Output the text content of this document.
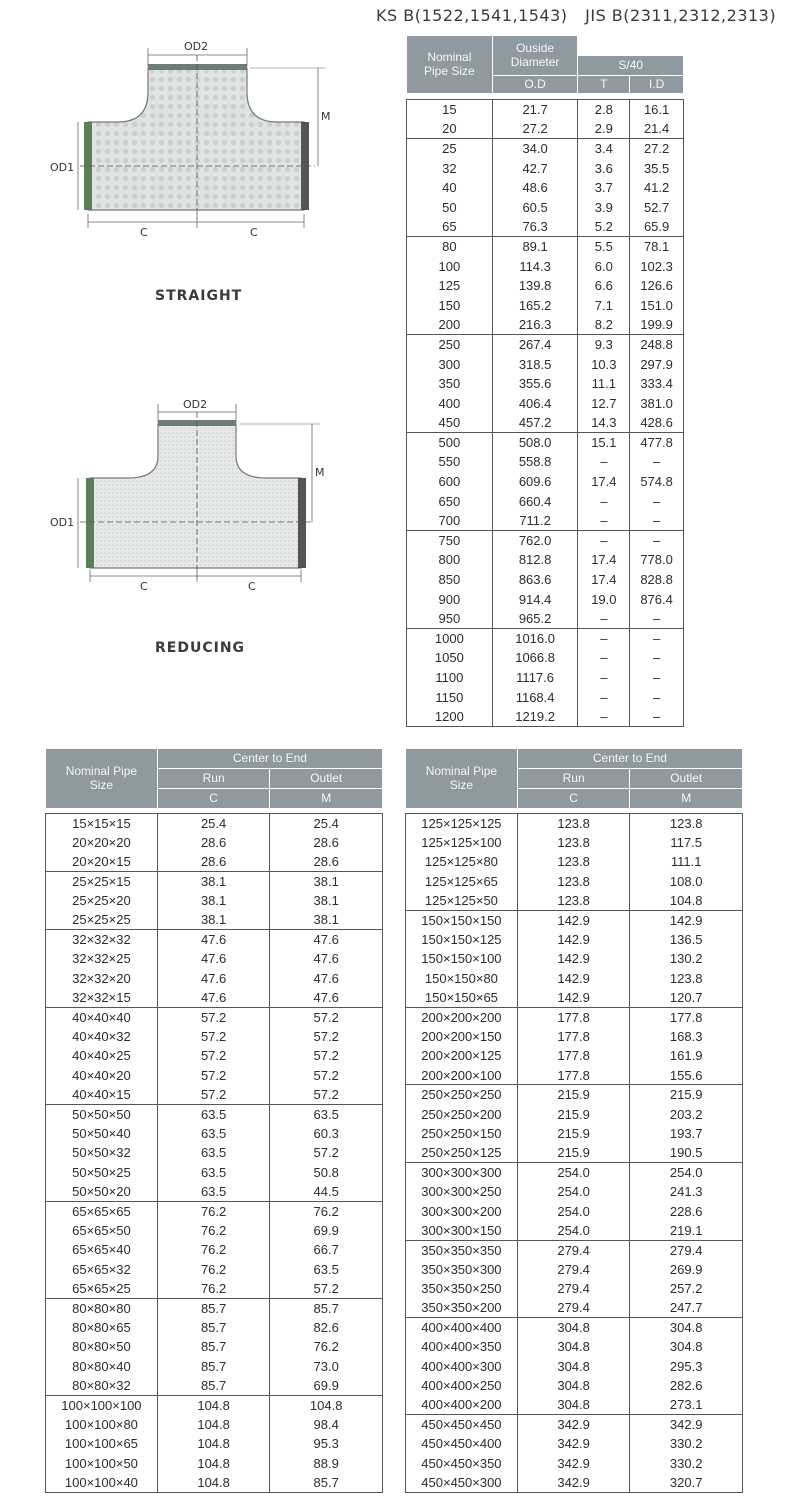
KS B(1522,1541,1543) JIS B(2311,2312,2313)
OD2
M
OD1
C	C
STRAIGHT
OD2
M
OD1
C	C
REDUCING
Nominal Pipe Size	Ouside Diameter		
		S/40	
	O.D	T	I.D

15	21.7	2.8	16.1
20	27.2	2.9	21.4
25	34.0	3.4	27.2
32	42.7	3.6	35.5
40	48.6	3.7	41.2
50	60.5	3.9	52.7
65	76.3	5.2	65.9
80	89.1	5.5	78.1
100	114.3	6.0	102.3
125	139.8	6.6	126.6
150	165.2	7.1	151.0
200	216.3	8.2	199.9
250	267.4	9.3	248.8
300	318.5	10.3	297.9
350	355.6	11.1	333.4
400	406.4	12.7	381.0
450	457.2	14.3	428.6
500	508.0	15.1	477.8
550	558.8	–	–
600	609.6	17.4	574.8
650	660.4	–	–
700	711.2	–	–
750	762.0	–	–
800	812.8	17.4	778.0
850	863.6	17.4	828.8
900	914.4	19.0	876.4
950	965.2	–	–
1000	1016.0	–	–
1050	1066.8	–	–
1100	1117.6	–	–
1150	1168.4	–	–
1200	1219.2	–	–
Nominal Pipe Size	Center to End	
	Run	Outlet
	C	M

15×15×15	25.4	25.4
20×20×20	28.6	28.6
20×20×15	28.6	28.6
25×25×15	38.1	38.1
25×25×20	38.1	38.1
25×25×25	38.1	38.1
32×32×32	47.6	47.6
32×32×25	47.6	47.6
32×32×20	47.6	47.6
32×32×15	47.6	47.6
40×40×40	57.2	57.2
40×40×32	57.2	57.2
40×40×25	57.2	57.2
40×40×20	57.2	57.2
40×40×15	57.2	57.2
50×50×50	63.5	63.5
50×50×40	63.5	60.3
50×50×32	63.5	57.2
50×50×25	63.5	50.8
50×50×20	63.5	44.5
65×65×65	76.2	76.2
65×65×50	76.2	69.9
65×65×40	76.2	66.7
65×65×32	76.2	63.5
65×65×25	76.2	57.2
80×80×80	85.7	85.7
80×80×65	85.7	82.6
80×80×50	85.7	76.2
80×80×40	85.7	73.0
80×80×32	85.7	69.9
100×100×100	104.8	104.8
100×100×80	104.8	98.4
100×100×65	104.8	95.3
100×100×50	104.8	88.9
100×100×40	104.8	85.7
Nominal Pipe Size	Center to End	
	Run	Outlet
	C	M

125×125×125	123.8	123.8
125×125×100	123.8	117.5
125×125×80	123.8	111.1
125×125×65	123.8	108.0
125×125×50	123.8	104.8
150×150×150	142.9	142.9
150×150×125	142.9	136.5
150×150×100	142.9	130.2
150×150×80	142.9	123.8
150×150×65	142.9	120.7
200×200×200	177.8	177.8
200×200×150	177.8	168.3
200×200×125	177.8	161.9
200×200×100	177.8	155.6
250×250×250	215.9	215.9
250×250×200	215.9	203.2
250×250×150	215.9	193.7
250×250×125	215.9	190.5
300×300×300	254.0	254.0
300×300×250	254.0	241.3
300×300×200	254.0	228.6
300×300×150	254.0	219.1
350×350×350	279.4	279.4
350×350×300	279.4	269.9
350×350×250	279.4	257.2
350×350×200	279.4	247.7
400×400×400	304.8	304.8
400×400×350	304.8	304.8
400×400×300	304.8	295.3
400×400×250	304.8	282.6
400×400×200	304.8	273.1
450×450×450	342.9	342.9
450×450×400	342.9	330.2
450×450×350	342.9	330.2
450×450×300	342.9	320.7
